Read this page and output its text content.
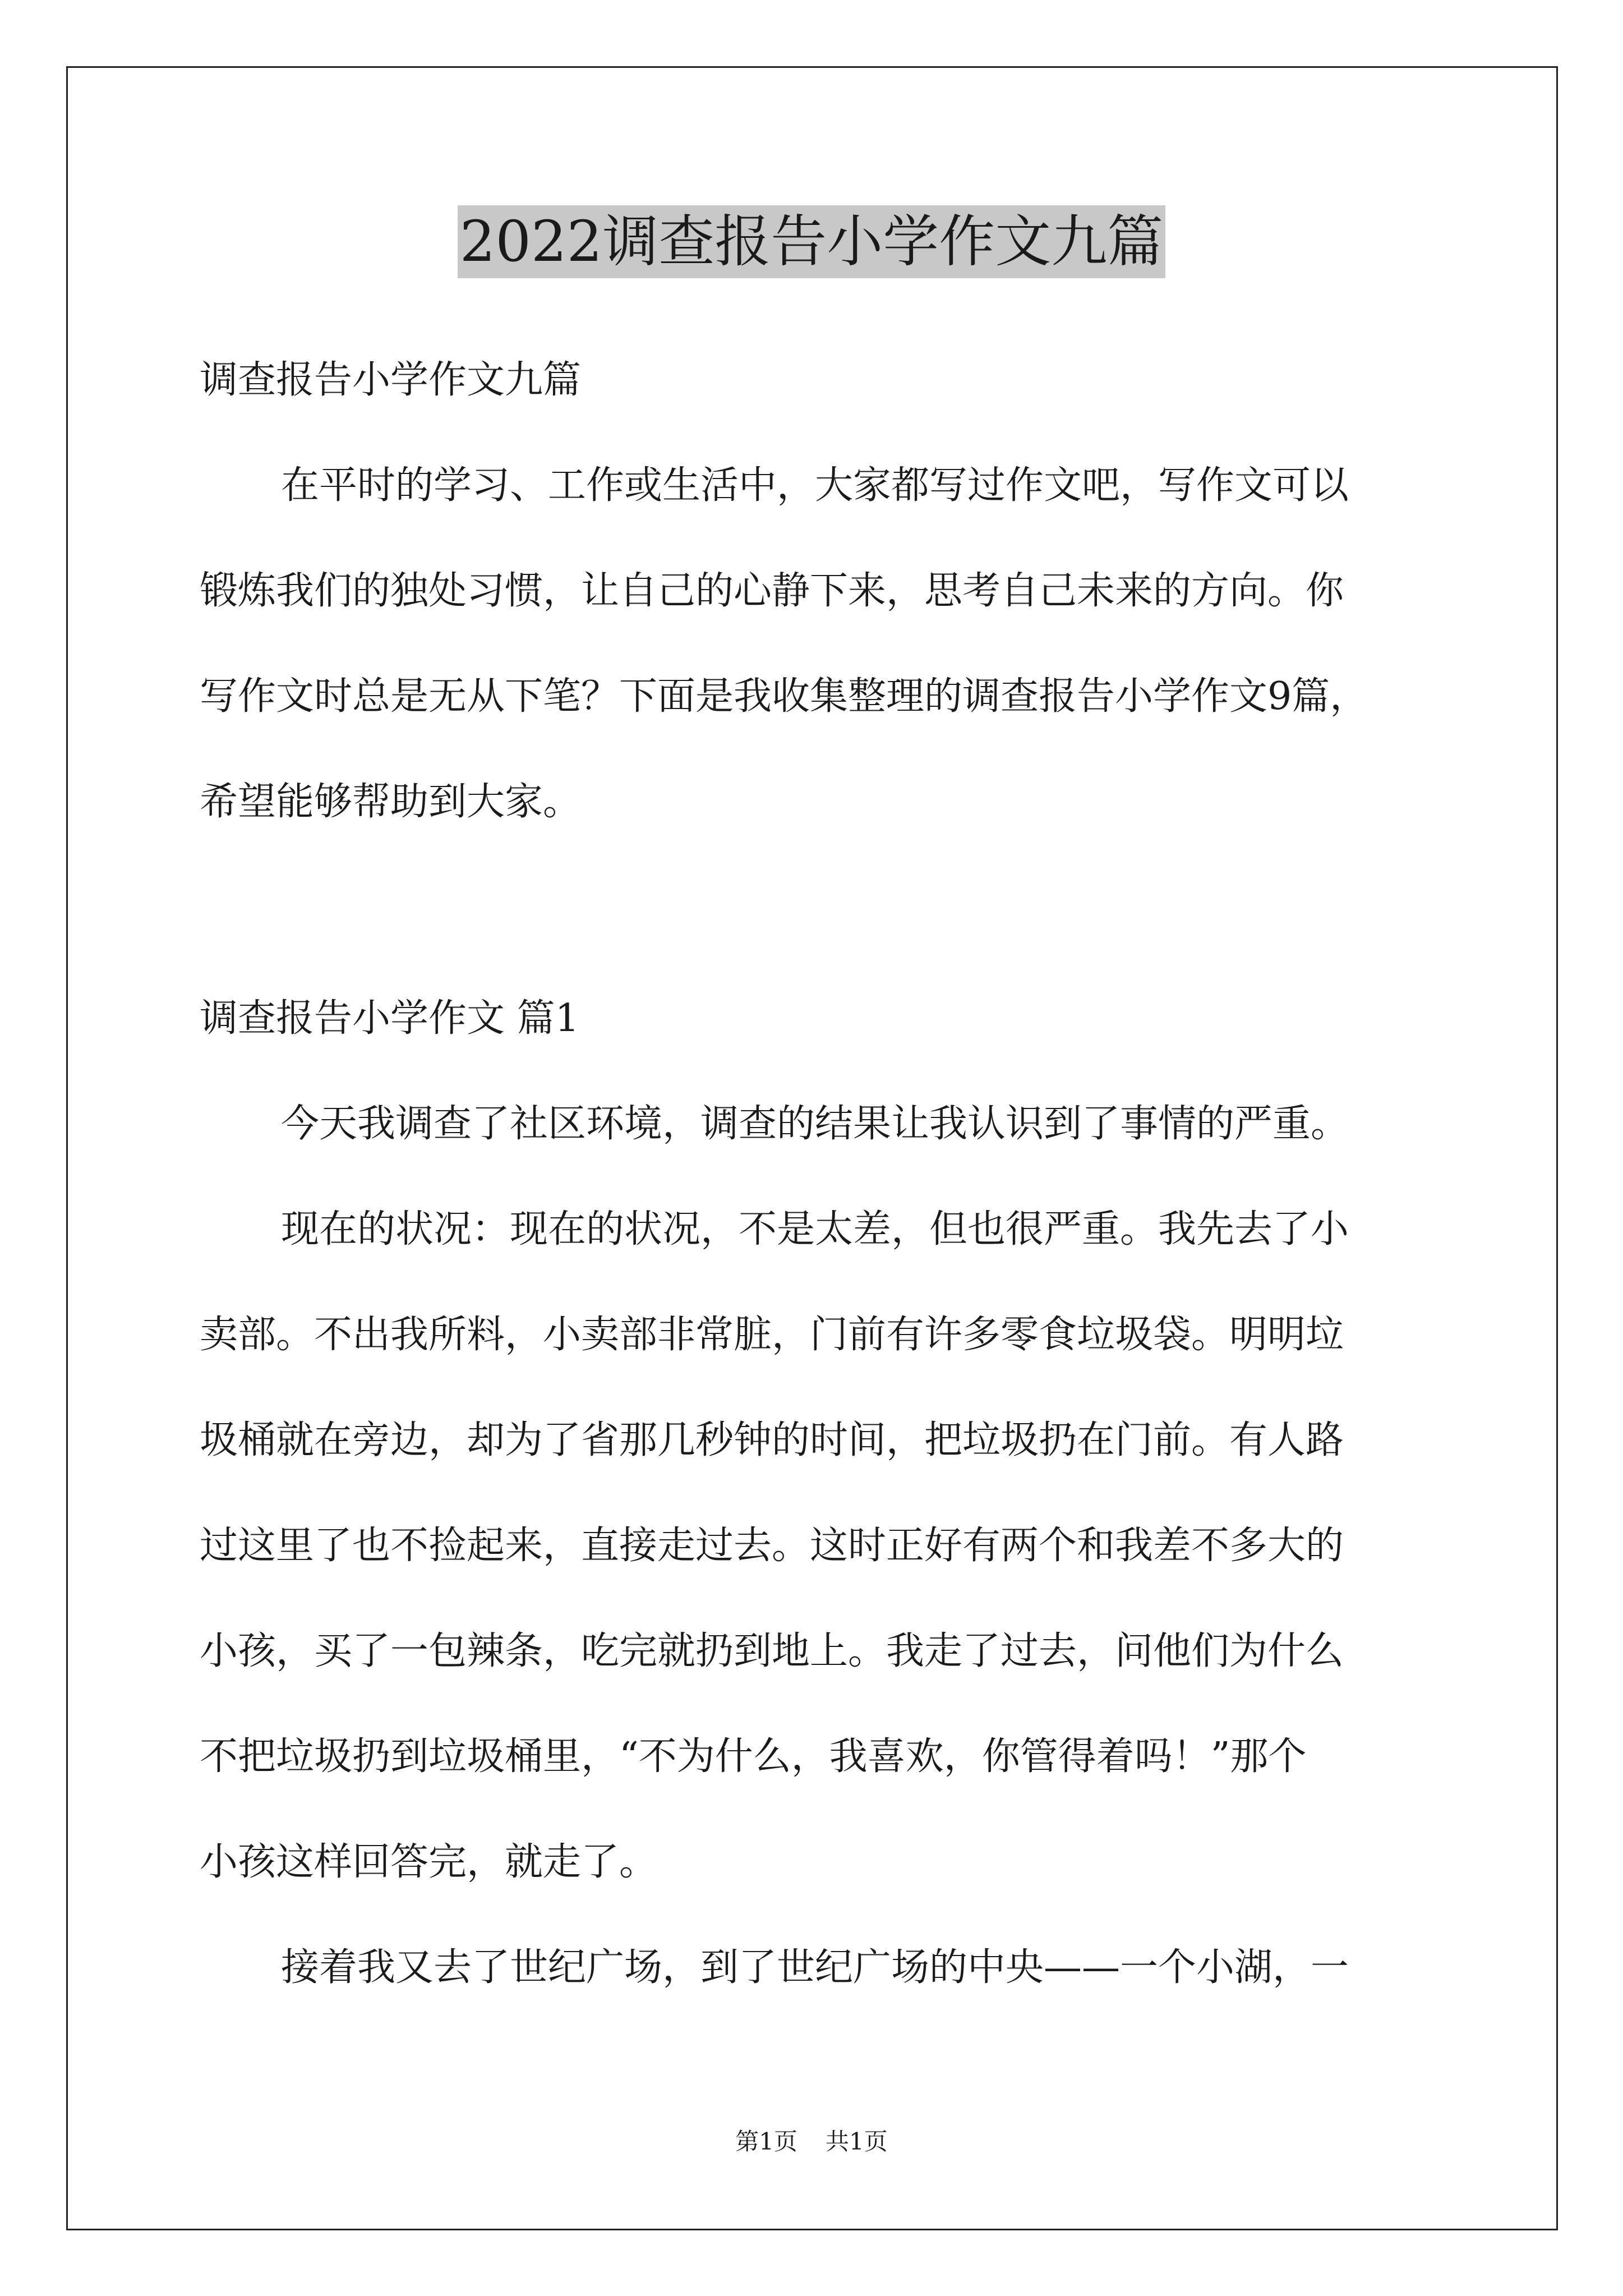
2022调查报告小学作文九篇
调查报告小学作文九篇
在平时的学习、工作或生活中，大家都写过作文吧，写作文可以
锻炼我们的独处习惯，让自己的心静下来，思考自己未来的方向。你
写作文时总是无从下笔？下面是我收集整理的调查报告小学作文9篇，
希望能够帮助到大家。
调查报告小学作文 篇1
今天我调查了社区环境，调查的结果让我认识到了事情的严重。
现在的状况：现在的状况，不是太差，但也很严重。我先去了小
卖部。不出我所料，小卖部非常脏，门前有许多零食垃圾袋。明明垃
圾桶就在旁边，却为了省那几秒钟的时间，把垃圾扔在门前。有人路
过这里了也不捡起来，直接走过去。这时正好有两个和我差不多大的
小孩，买了一包辣条，吃完就扔到地上。我走了过去，问他们为什么
不把垃圾扔到垃圾桶里，“不为什么，我喜欢，你管得着吗！”那个
小孩这样回答完，就走了。
接着我又去了世纪广场，到了世纪广场的中央——一个小湖，一
第1页 共1页
